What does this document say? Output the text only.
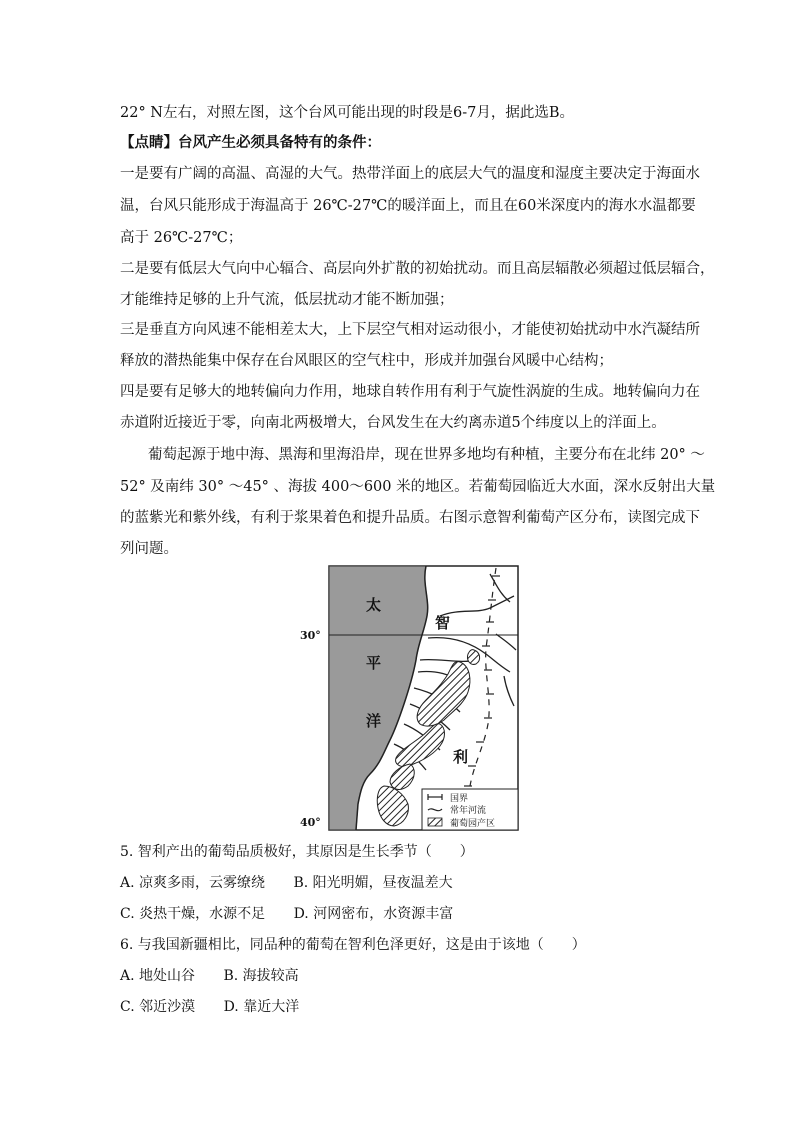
22° N左右，对照左图，这个台风可能出现的时段是6-7月，据此选B。
【点睛】台风产生必须具备特有的条件：
一是要有广阔的高温、高湿的大气。热带洋面上的底层大气的温度和湿度主要决定于海面水
温，台风只能形成于海温高于 26℃-27℃的暖洋面上，而且在60米深度内的海水水温都要
高于 26℃-27℃；
二是要有低层大气向中心辐合、高层向外扩散的初始扰动。而且高层辐散必须超过低层辐合，
才能维持足够的上升气流，低层扰动才能不断加强；
三是垂直方向风速不能相差太大，上下层空气相对运动很小，才能使初始扰动中水汽凝结所
释放的潜热能集中保存在台风眼区的空气柱中，形成并加强台风暖中心结构；
四是要有足够大的地转偏向力作用，地球自转作用有利于气旋性涡旋的生成。地转偏向力在
赤道附近接近于零，向南北两极增大，台风发生在大约离赤道5个纬度以上的洋面上。
葡萄起源于地中海、黑海和里海沿岸，现在世界多地均有种植，主要分布在北纬 20° ～
52° 及南纬 30° ～45° 、海拔 400～600 米的地区。若葡萄园临近大水面，深水反射出大量
的蓝紫光和紫外线，有利于浆果着色和提升品质。右图示意智利葡萄产区分布，读图完成下
列问题。
30°
40°
太
平
洋
智
利
国界
常年河流
葡萄园产区
5. 智利产出的葡萄品质极好，其原因是生长季节（　　）
A. 凉爽多雨，云雾缭绕 B. 阳光明媚，昼夜温差大
C. 炎热干燥，水源不足 D. 河网密布，水资源丰富
6. 与我国新疆相比，同品种的葡萄在智利色泽更好，这是由于该地（　　）
A. 地处山谷 B. 海拔较高
C. 邻近沙漠 D. 靠近大洋
